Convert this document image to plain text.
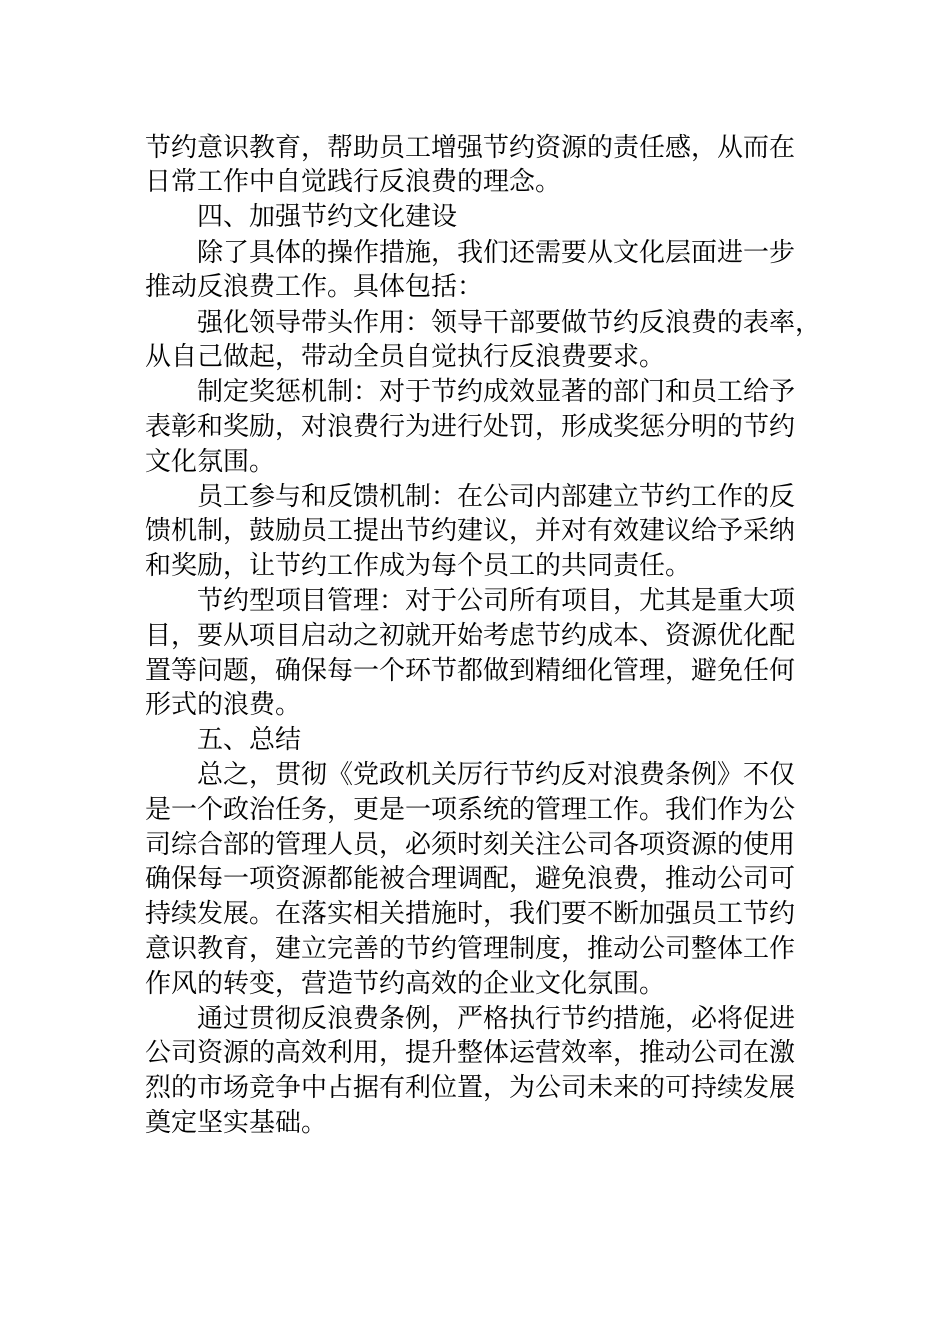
节约意识教育，帮助员工增强节约资源的责任感，从而在
日常工作中自觉践行反浪费的理念。
四、加强节约文化建设
除了具体的操作措施，我们还需要从文化层面进一步
推动反浪费工作。具体包括：
强化领导带头作用：领导干部要做节约反浪费的表率，
从自己做起，带动全员自觉执行反浪费要求。
制定奖惩机制：对于节约成效显著的部门和员工给予
表彰和奖励，对浪费行为进行处罚，形成奖惩分明的节约
文化氛围。
员工参与和反馈机制：在公司内部建立节约工作的反
馈机制，鼓励员工提出节约建议，并对有效建议给予采纳
和奖励，让节约工作成为每个员工的共同责任。
节约型项目管理：对于公司所有项目，尤其是重大项
目，要从项目启动之初就开始考虑节约成本、资源优化配
置等问题，确保每一个环节都做到精细化管理，避免任何
形式的浪费。
五、总结
总之，贯彻《党政机关厉行节约反对浪费条例》不仅
是一个政治任务，更是一项系统的管理工作。我们作为公
司综合部的管理人员，必须时刻关注公司各项资源的使用
确保每一项资源都能被合理调配，避免浪费，推动公司可
持续发展。在落实相关措施时，我们要不断加强员工节约
意识教育，建立完善的节约管理制度，推动公司整体工作
作风的转变，营造节约高效的企业文化氛围。
通过贯彻反浪费条例，严格执行节约措施，必将促进
公司资源的高效利用，提升整体运营效率，推动公司在激
烈的市场竞争中占据有利位置，为公司未来的可持续发展
奠定坚实基础。
